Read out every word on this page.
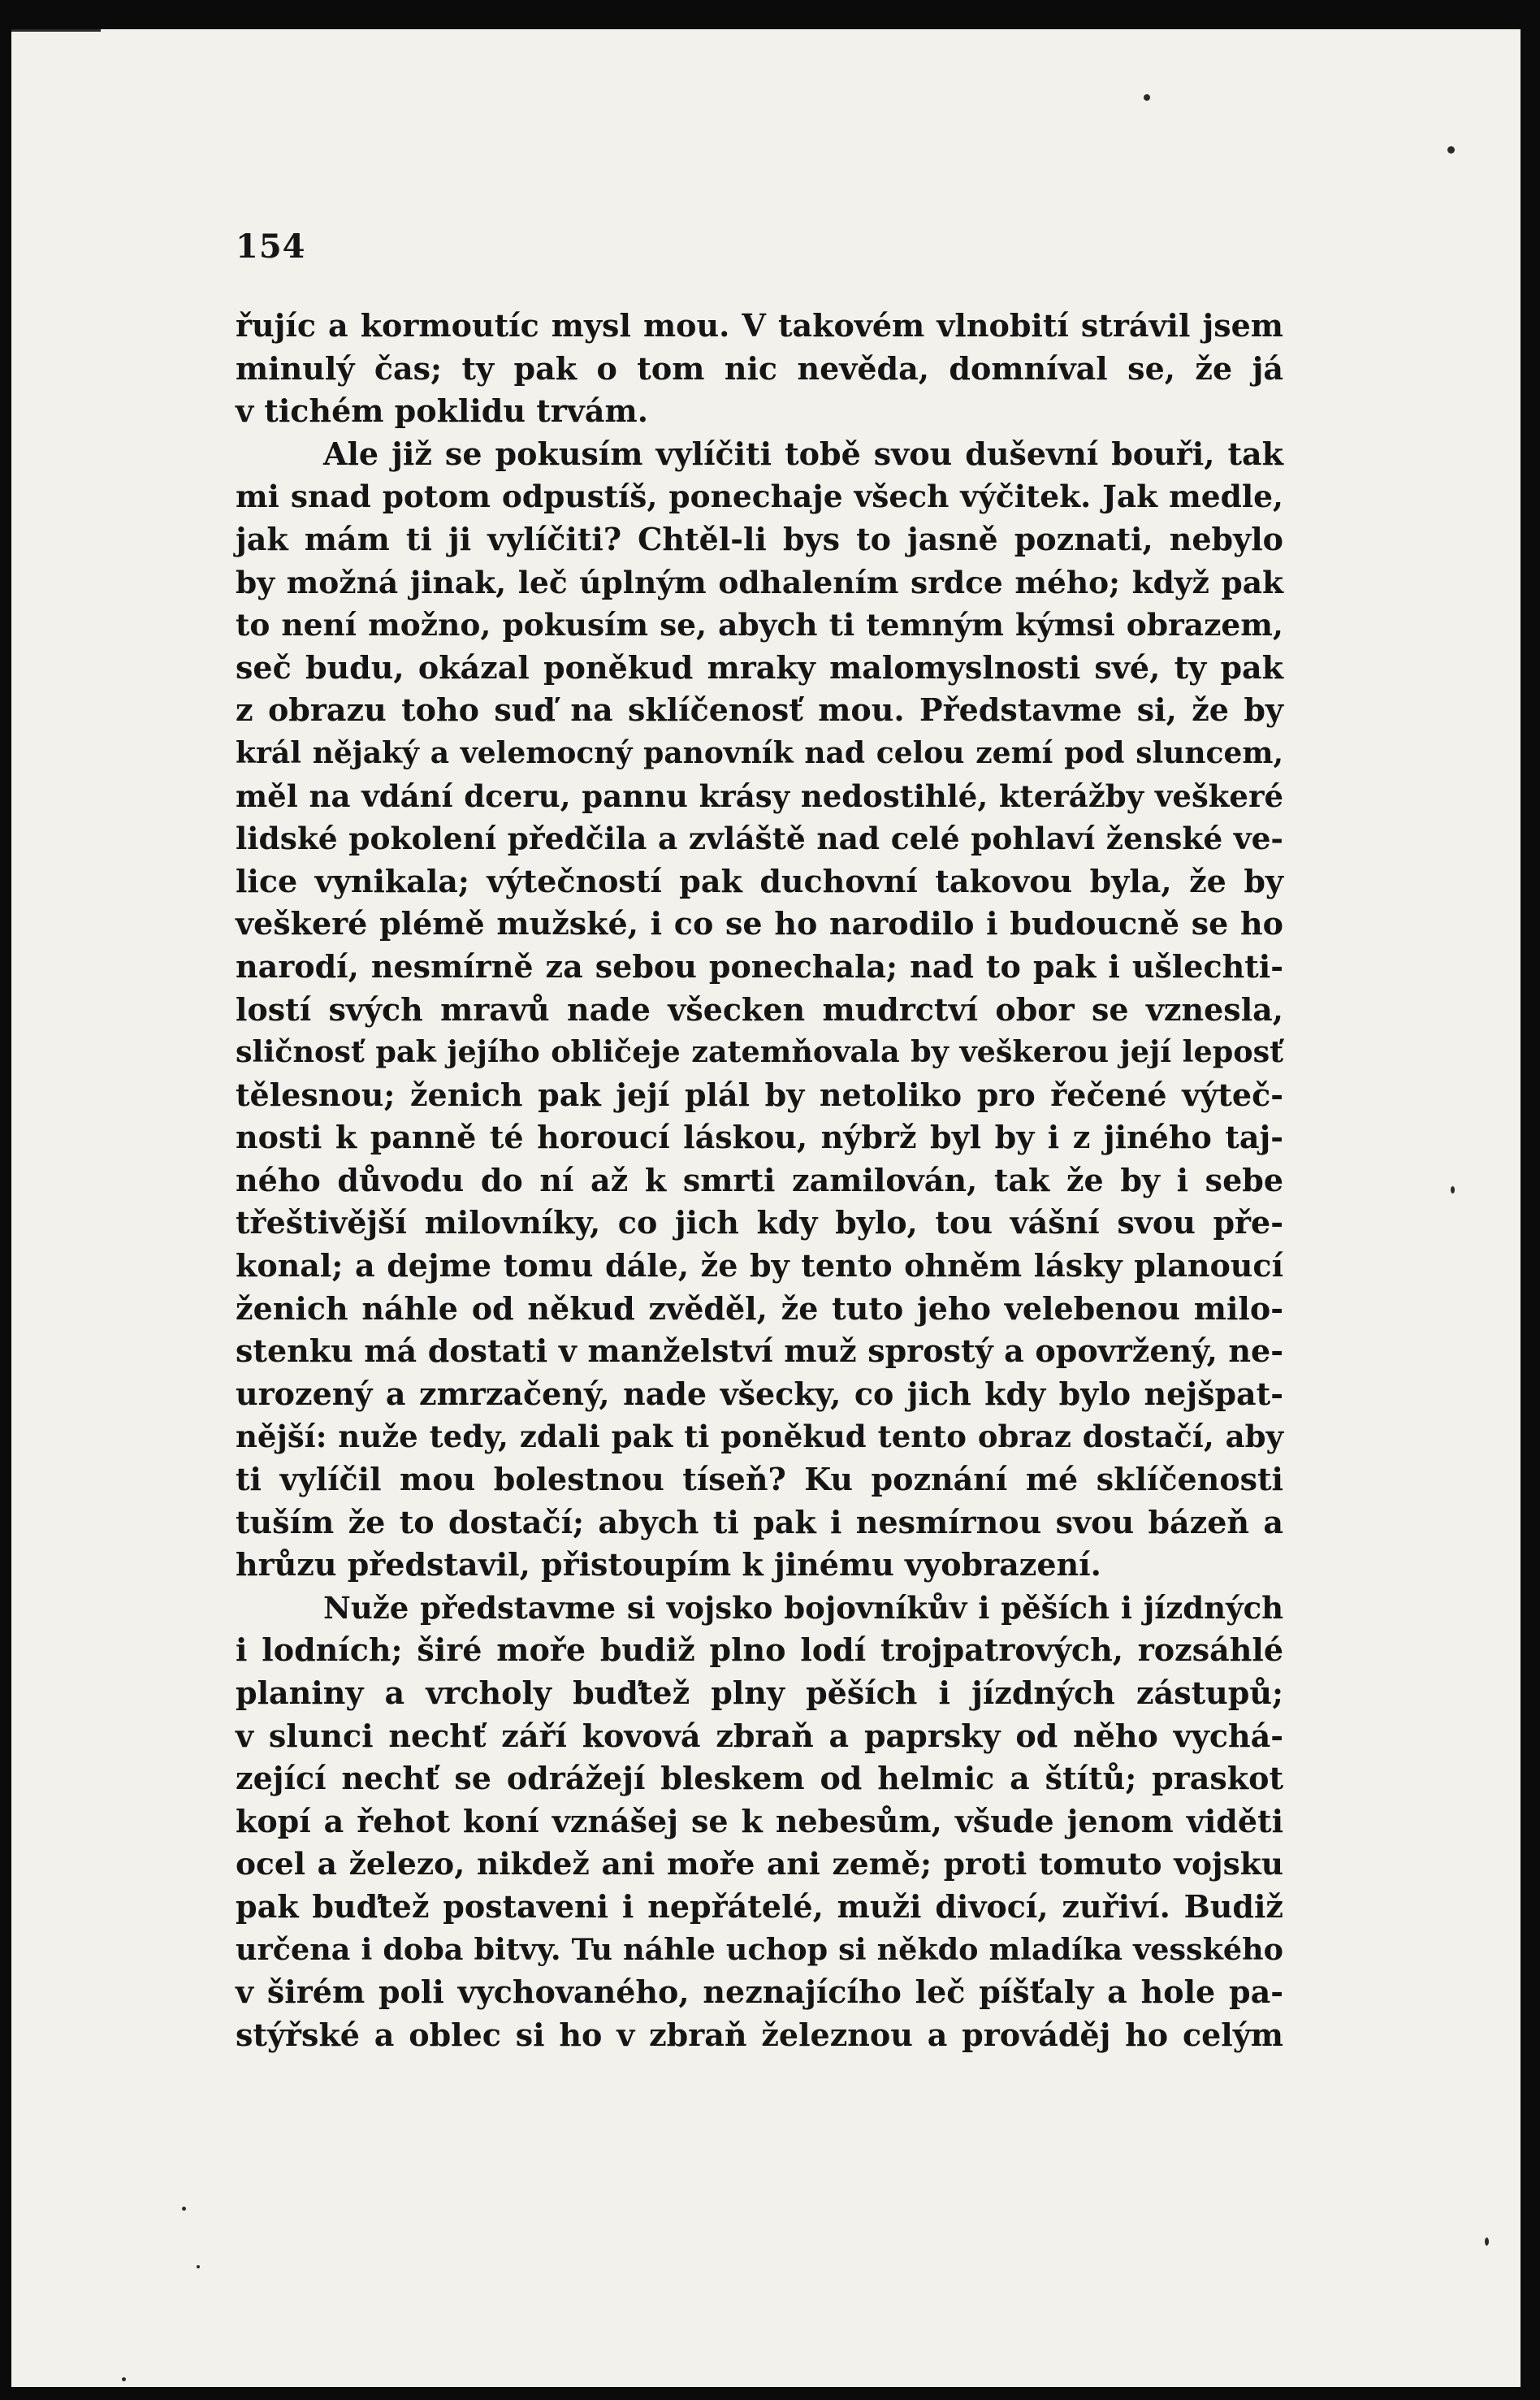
154
řujíc a kormoutíc mysl mou. V takovém vlnobití strávil jsem
minulý čas; ty pak o tom nic nevěda, domníval se, že já
v tichém poklidu trvám.
Ale již se pokusím vylíčiti tobě svou duševní bouři, tak
mi snad potom odpustíš, ponechaje všech výčitek. Jak medle,
jak mám ti ji vylíčiti? Chtěl-li bys to jasně poznati, nebylo
by možná jinak, leč úplným odhalením srdce mého; když pak
to není možno, pokusím se, abych ti temným kýmsi obrazem,
seč budu, okázal poněkud mraky malomyslnosti své, ty pak
z obrazu toho suď na sklíčenosť mou. Představme si, že by
král nějaký a velemocný panovník nad celou zemí pod sluncem,
měl na vdání dceru, pannu krásy nedostihlé, kterážby veškeré
lidské pokolení předčila a zvláště nad celé pohlaví ženské ve-
lice vynikala; výtečností pak duchovní takovou byla, že by
veškeré plémě mužské, i co se ho narodilo i budoucně se ho
narodí, nesmírně za sebou ponechala; nad to pak i ušlechti-
lostí svých mravů nade všecken mudrctví obor se vznesla,
sličnosť pak jejího obličeje zatemňovala by veškerou její leposť
tělesnou; ženich pak její plál by netoliko pro řečené výteč-
nosti k panně té horoucí láskou, nýbrž byl by i z jiného taj-
ného důvodu do ní až k smrti zamilován, tak že by i sebe
třeštivější milovníky, co jich kdy bylo, tou vášní svou pře-
konal; a dejme tomu dále, že by tento ohněm lásky planoucí
ženich náhle od někud zvěděl, že tuto jeho velebenou milo-
stenku má dostati v manželství muž sprostý a opovržený, ne-
urozený a zmrzačený, nade všecky, co jich kdy bylo nejšpat-
nější: nuže tedy, zdali pak ti poněkud tento obraz dostačí, aby
ti vylíčil mou bolestnou tíseň? Ku poznání mé sklíčenosti
tuším že to dostačí; abych ti pak i nesmírnou svou bázeň a
hrůzu představil, přistoupím k jinému vyobrazení.
Nuže představme si vojsko bojovníkův i pěších i jízdných
i lodních; širé moře budiž plno lodí trojpatrových, rozsáhlé
planiny a vrcholy buďtež plny pěších i jízdných zástupů;
v slunci nechť září kovová zbraň a paprsky od něho vychá-
zející nechť se odrážejí bleskem od helmic a štítů; praskot
kopí a řehot koní vznášej se k nebesům, všude jenom viděti
ocel a železo, nikdež ani moře ani země; proti tomuto vojsku
pak buďtež postaveni i nepřátelé, muži divocí, zuřiví. Budiž
určena i doba bitvy. Tu náhle uchop si někdo mladíka vesského
v širém poli vychovaného, neznajícího leč píšťaly a hole pa-
stýřské a oblec si ho v zbraň železnou a prováděj ho celým
